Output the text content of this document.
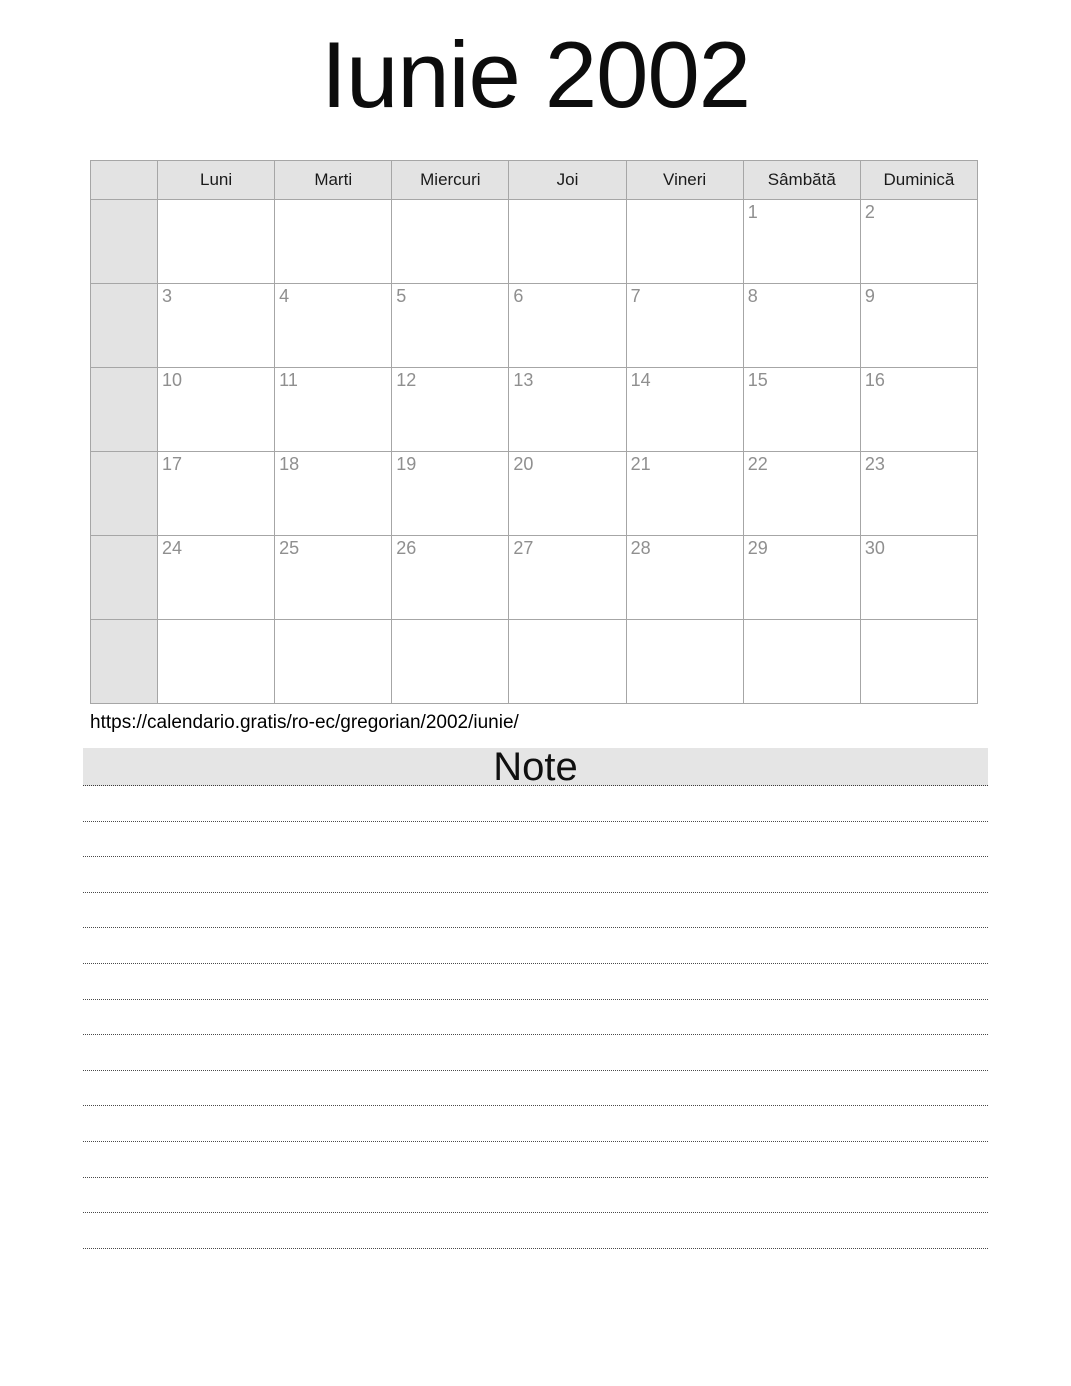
Iunie 2002
	Luni	Marti	Miercuri	Joi	Vineri	Sâmbătă	Duminică
						1	2
	3	4	5	6	7	8	9
	10	11	12	13	14	15	16
	17	18	19	20	21	22	23
	24	25	26	27	28	29	30

https://calendario.gratis/ro-ec/gregorian/2002/iunie/

Note
